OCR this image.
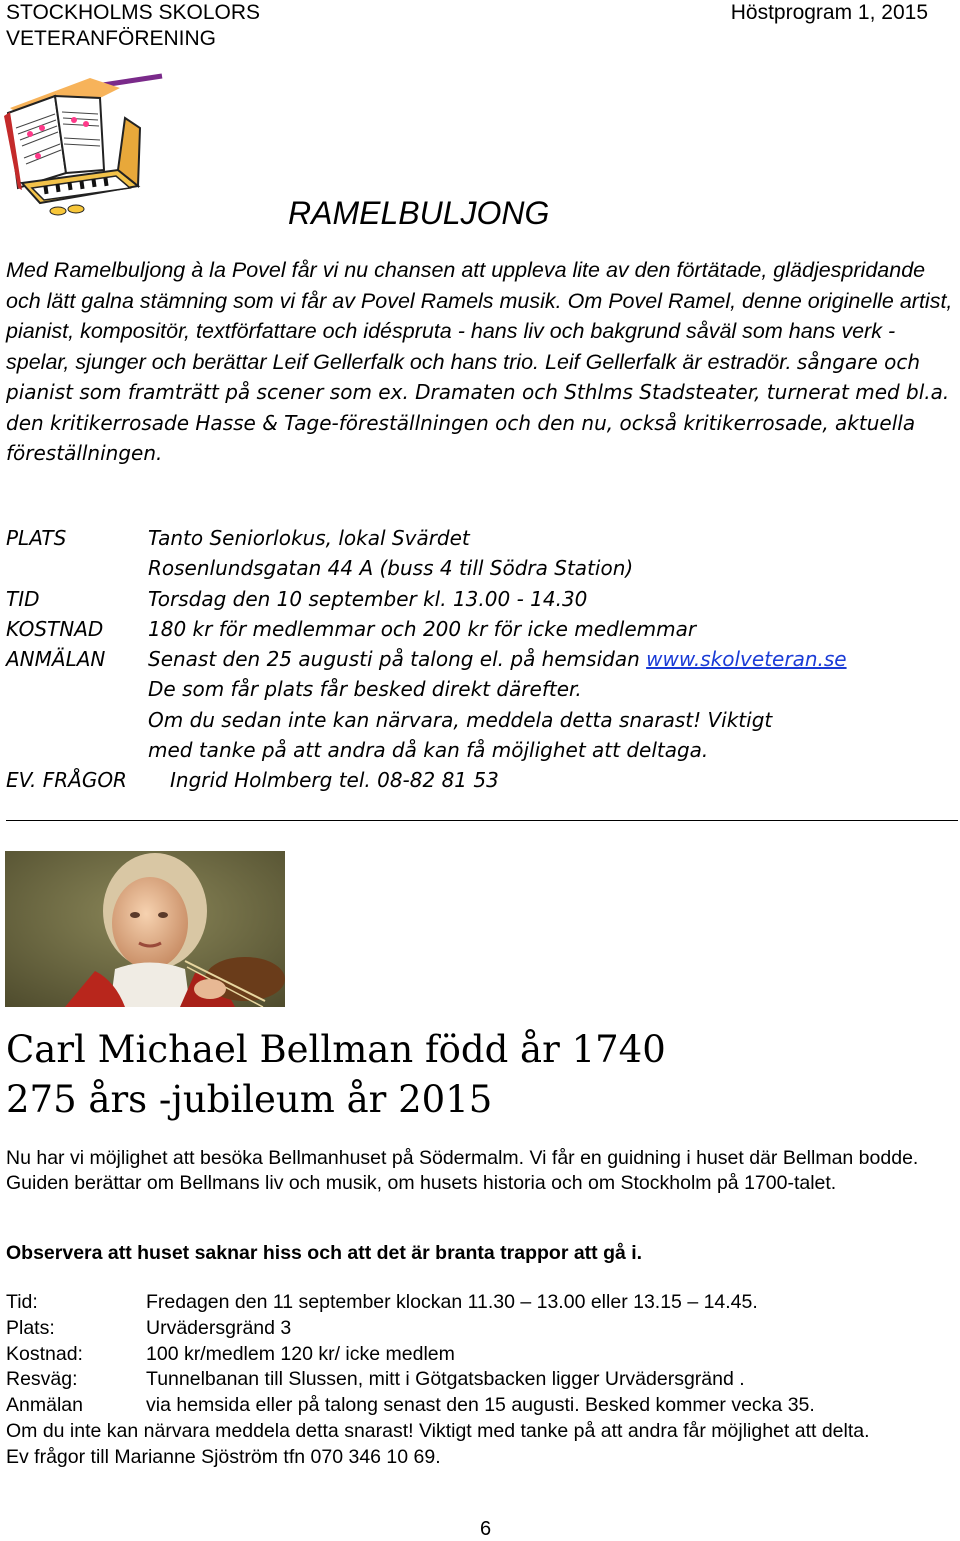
STOCKHOLMS SKOLORS
VETERANFÖRENING
Höstprogram 1, 2015
RAMELBULJONG
Med Ramelbuljong à la Povel får vi nu chansen att uppleva lite av den förtätade, glädjespridande och lätt galna stämning som vi får av Povel Ramels musik. Om Povel Ramel, denne originelle artist, pianist, kompositör, textförfattare och idéspruta - hans liv och bakgrund såväl som hans verk - spelar, sjunger och berättar Leif Gellerfalk och hans trio. Leif Gellerfalk är estradör. sångare och pianist som framträtt på scener som ex. Dramaten och Sthlms Stadsteater, turnerat med bl.a. den kritikerrosade Hasse & Tage-föreställningen och den nu, också kritikerrosade, aktuella föreställningen.
PLATS	Tanto Seniorlokus, lokal Svärdet
Rosenlundsgatan 44 A (buss 4 till Södra Station)
TID	Torsdag den 10 september kl. 13.00 - 14.30
KOSTNAD 180 kr för medlemmar och 200 kr för icke medlemmar
ANMÄLAN Senast den 25 augusti på talong el. på hemsidan www.skolveteran.se
De som får plats får besked direkt därefter.
Om du sedan inte kan närvara, meddela detta snarast! Viktigt
med tanke på att andra då kan få möjlighet att deltaga.
EV. FRÅGOR Ingrid Holmberg tel. 08-82 81 53
Carl Michael Bellman född år 1740
275 års -jubileum år 2015
Nu har vi möjlighet att besöka Bellmanhuset på Södermalm. Vi får en guidning i huset där Bellman bodde. Guiden berättar om Bellmans liv och musik, om husets historia och om Stockholm på 1700-talet.
Observera att huset saknar hiss och att det är branta trappor att gå i.
Tid:	Fredagen den 11 september klockan 11.30 – 13.00 eller 13.15 – 14.45.
Plats:	Urvädersgränd 3
Kostnad:	100 kr/medlem 120 kr/ icke medlem
Resväg:	Tunnelbanan till Slussen, mitt i Götgatsbacken ligger Urvädersgränd .
Anmälan	via hemsida eller på talong senast den 15 augusti. Besked kommer vecka 35.
Om du inte kan närvara meddela detta snarast! Viktigt med tanke på att andra får möjlighet att delta.
Ev frågor till Marianne Sjöström tfn 070 346 10 69.
6
